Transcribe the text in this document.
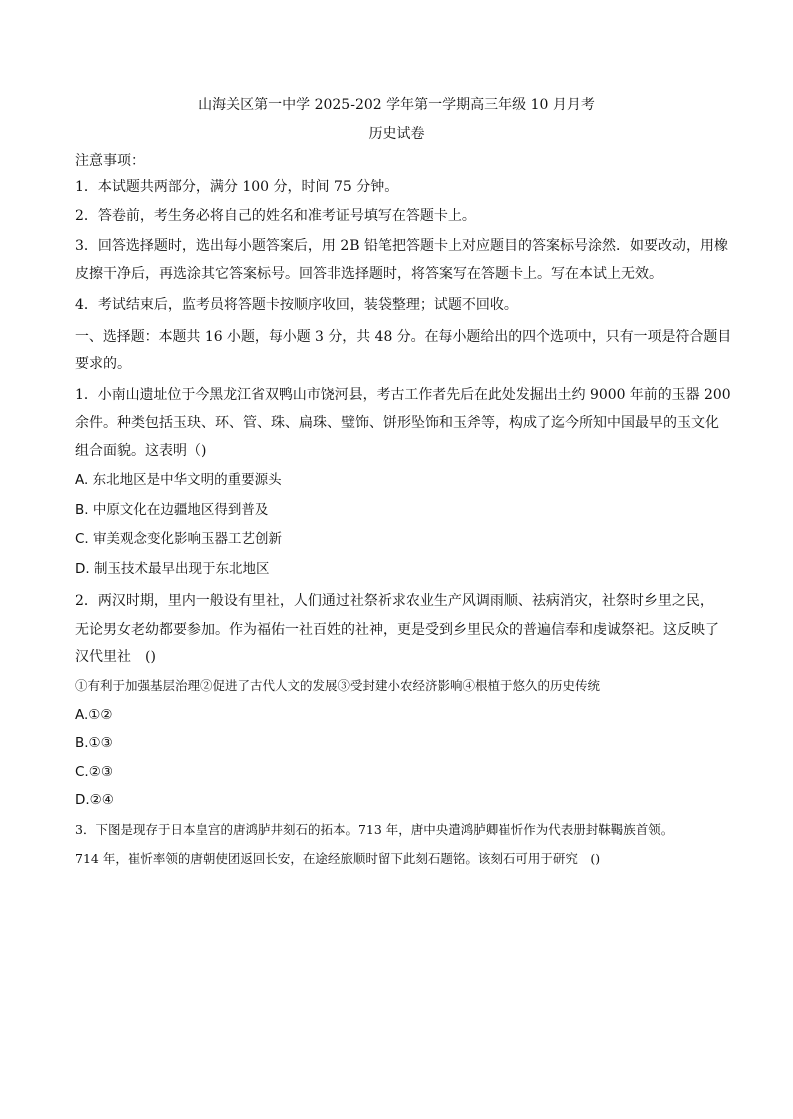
山海关区第一中学 2025-202 学年第一学期高三年级 10 月月考
历史试卷
注意事项：
1．本试题共两部分，满分 100 分，时间 75 分钟。
2．答卷前，考生务必将自己的姓名和准考证号填写在答题卡上。
3．回答选择题时，选出每小题答案后，用 2B 铅笔把答题卡上对应题目的答案标号涂然．如要改动，用橡
皮擦干净后，再选涂其它答案标号。回答非选择题时，将答案写在答题卡上。写在本试上无效。
4．考试结束后，监考员将答题卡按顺序收回，装袋整理；试题不回收。
一、选择题：本题共 16 小题，每小题 3 分，共 48 分。在每小题给出的四个选项中，只有一项是符合题目
要求的。
1．小南山遗址位于今黑龙江省双鸭山市饶河县，考古工作者先后在此处发掘出土约 9000 年前的玉器 200
余件。种类包括玉玦、环、管、珠、扁珠、璧饰、饼形坠饰和玉斧等，构成了迄今所知中国最早的玉文化
组合面貌。这表明（)
A. 东北地区是中华文明的重要源头
B. 中原文化在边疆地区得到普及
C. 审美观念变化影响玉器工艺创新
D. 制玉技术最早出现于东北地区
2．两汉时期，里内一般设有里社，人们通过社祭祈求农业生产风调雨顺、祛病消灾，社祭时乡里之民，
无论男女老幼都要参加。作为福佑一社百姓的社神，更是受到乡里民众的普遍信奉和虔诚祭祀。这反映了
汉代里社　()
①有利于加强基层治理②促进了古代人文的发展③受封建小农经济影响④根植于悠久的历史传统
A.①②
B.①③
C.②③
D.②④
3．下图是现存于日本皇宫的唐鸿胪井刻石的拓本。713 年，唐中央遣鸿胪卿崔忻作为代表册封靺鞨族首领。
714 年，崔忻率领的唐朝使团返回长安，在途经旅顺时留下此刻石题铭。该刻石可用于研究　()
